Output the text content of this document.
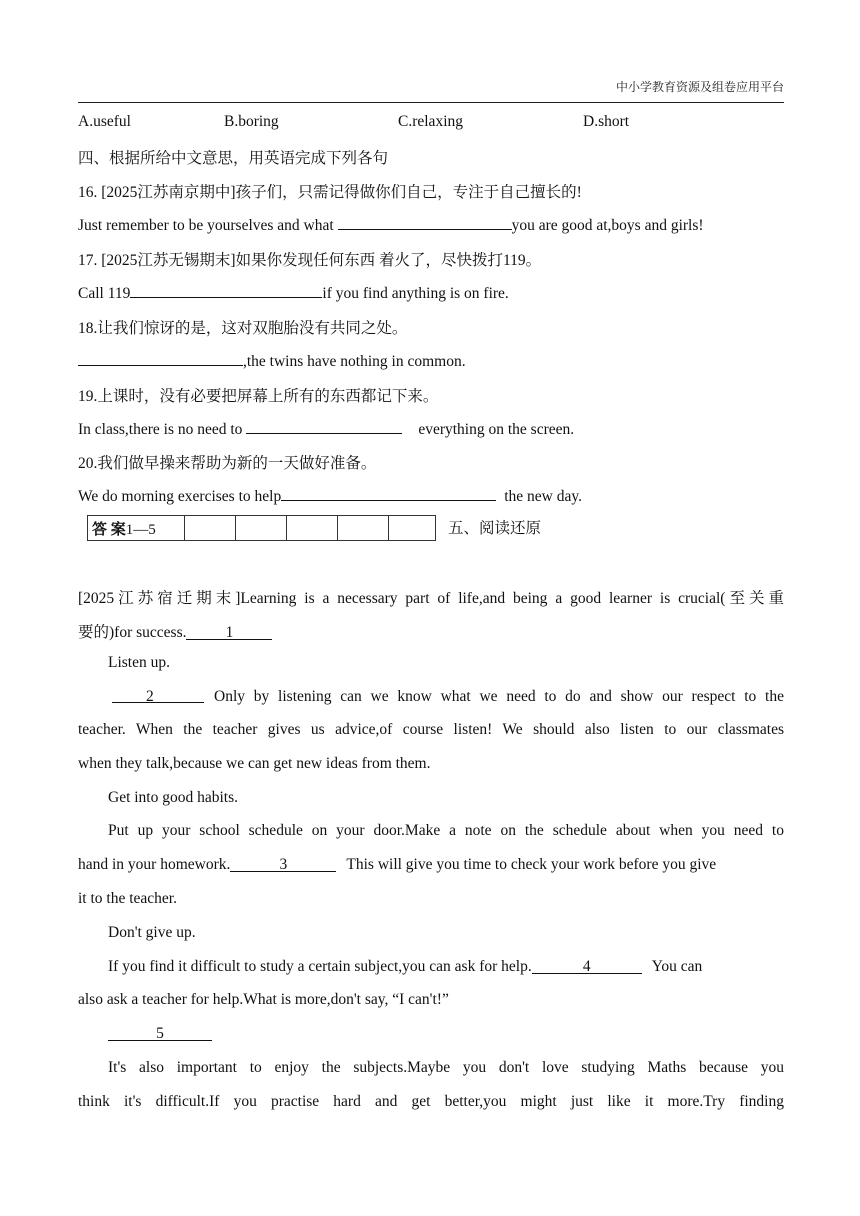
中小学教育资源及组卷应用平台
A.useful	B.boring	C.relaxing	D.short
四、根据所给中文意思，用英语完成下列各句
16. [2025江苏南京期中]孩子们，只需记得做你们自己，专注于自己擅长的!
Just remember to be yourselves and what	you are good at,boys and girls!
17. [2025江苏无锡期末]如果你发现任何东西 着火了，尽快拨打119。
Call 119	if you find anything is on fire.
18.让我们惊讶的是，这对双胞胎没有共同之处。
,the twins have nothing in common.
19.上课时，没有必要把屏幕上所有的东西都记下来。
In class,there is no need to	everything on the screen.
20.我们做早操来帮助为新的一天做好准备。
We do morning exercises to help	the new day.
答 案1—5						五、阅读还原
[2025江苏宿迁期末]Learning is a necessary part of life,and being a good learner is crucial(至关重
要的)for success.	1
Listen up.
2	Only by listening can we know what we need to do and show our respect to the
teacher. When the teacher gives us advice,of course listen! We should also listen to our classmates
when they talk,because we can get new ideas from them.
Get into good habits.
Put up your school schedule on your door.Make a note on the schedule about when you need to
hand in your homework.	3	This will give you time to check your work before you give
it to the teacher.
Don't give up.
If you find it difficult to study a certain subject,you can ask for help.	4	You can
also ask a teacher for help.What is more,don't say, “I can't!”
5
It's also important to enjoy the subjects.Maybe you don't love studying Maths because you
think it's difficult.If you practise hard and get better,you might just like it more.Try finding
